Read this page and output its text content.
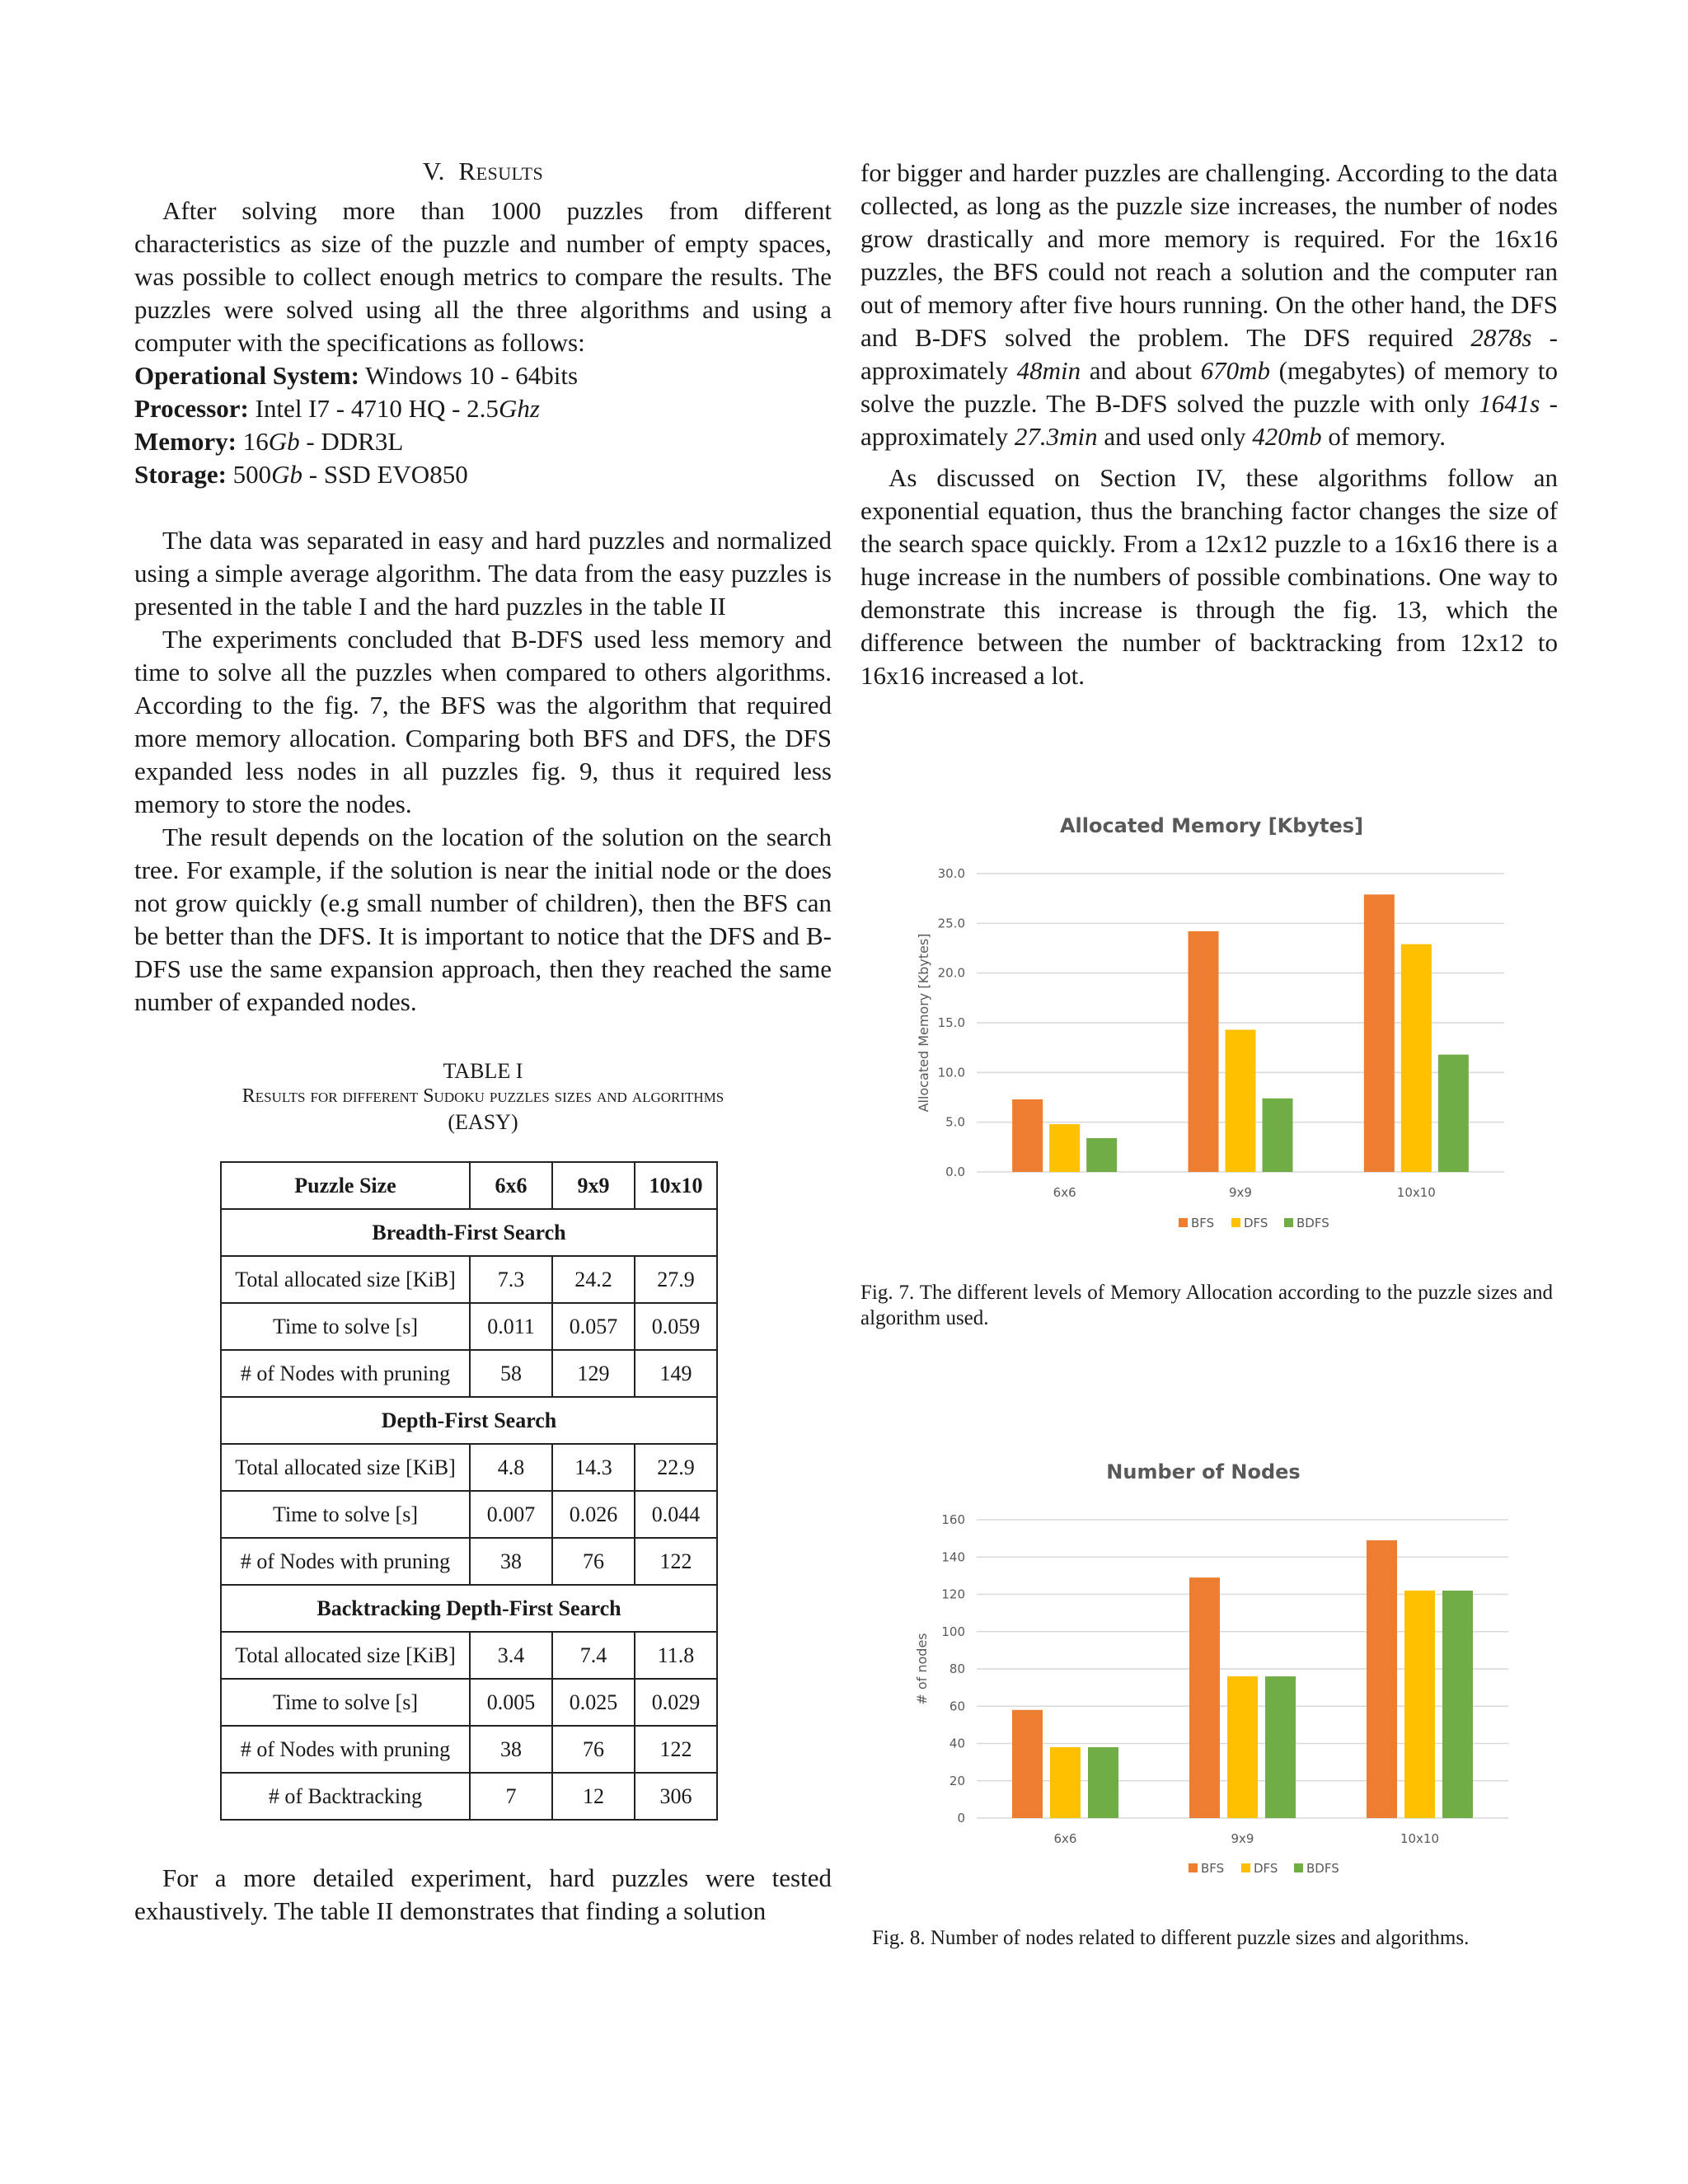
V. Results

After solving more than 1000 puzzles from different characteristics as size of the puzzle and number of empty spaces, was possible to collect enough metrics to compare the results. The puzzles were solved using all the three algorithms and using a computer with the specifications as follows:

Operational System: Windows 10 - 64bits
Processor: Intel I7 - 4710 HQ - 2.5Ghz
Memory: 16Gb - DDR3L
Storage: 500Gb - SSD EVO850

The data was separated in easy and hard puzzles and normalized using a simple average algorithm. The data from the easy puzzles is presented in the table I and the hard puzzles in the table II

The experiments concluded that B-DFS used less memory and time to solve all the puzzles when compared to others algorithms. According to the fig. 7, the BFS was the algorithm that required more memory allocation. Comparing both BFS and DFS, the DFS expanded less nodes in all puzzles fig. 9, thus it required less memory to store the nodes.

The result depends on the location of the solution on the search tree. For example, if the solution is near the initial node or the does not grow quickly (e.g small number of children), then the BFS can be better than the DFS. It is important to notice that the DFS and B-DFS use the same expansion approach, then they reached the same number of expanded nodes.

TABLE I
Results for different Sudoku puzzles sizes and algorithms
(EASY)
Puzzle Size	6x6	9x9	10x10
Breadth-First Search			
Total allocated size [KiB]	7.3	24.2	27.9
Time to solve [s]	0.011	0.057	0.059
# of Nodes with pruning	58	129	149
Depth-First Search			
Total allocated size [KiB]	4.8	14.3	22.9
Time to solve [s]	0.007	0.026	0.044
# of Nodes with pruning	38	76	122
Backtracking Depth-First Search			
Total allocated size [KiB]	3.4	7.4	11.8
Time to solve [s]	0.005	0.025	0.029
# of Nodes with pruning	38	76	122
# of Backtracking	7	12	306

For a more detailed experiment, hard puzzles were tested exhaustively. The table II demonstrates that finding a solution

for bigger and harder puzzles are challenging. According to the data collected, as long as the puzzle size increases, the number of nodes grow drastically and more memory is required. For the 16x16 puzzles, the BFS could not reach a solution and the computer ran out of memory after five hours running. On the other hand, the DFS and B-DFS solved the problem. The DFS required 2878s - approximately 48min and about 670mb (megabytes) of memory to solve the puzzle. The B-DFS solved the puzzle with only 1641s - approximately 27.3min and used only 420mb of memory.

As discussed on Section IV, these algorithms follow an exponential equation, thus the branching factor changes the size of the search space quickly. From a 12x12 puzzle to a 16x16 there is a huge increase in the numbers of possible combinations. One way to demonstrate this increase is through the fig. 13, which the difference between the number of backtracking from 12x12 to 16x16 increased a lot.

Allocated Memory [Kbytes]
Allocated Memory [Kbytes]
0.0
5.0
10.0
15.0
20.0
25.0
30.0
6x6	9x9	10x10
BFS DFS BDFS
Fig. 7. The different levels of Memory Allocation according to the puzzle sizes and algorithm used.
Number of Nodes
# of nodes
0
20
40
60
80
100
120
140
160
6x6	9x9	10x10
BFS DFS BDFS
Fig. 8. Number of nodes related to different puzzle sizes and algorithms.
